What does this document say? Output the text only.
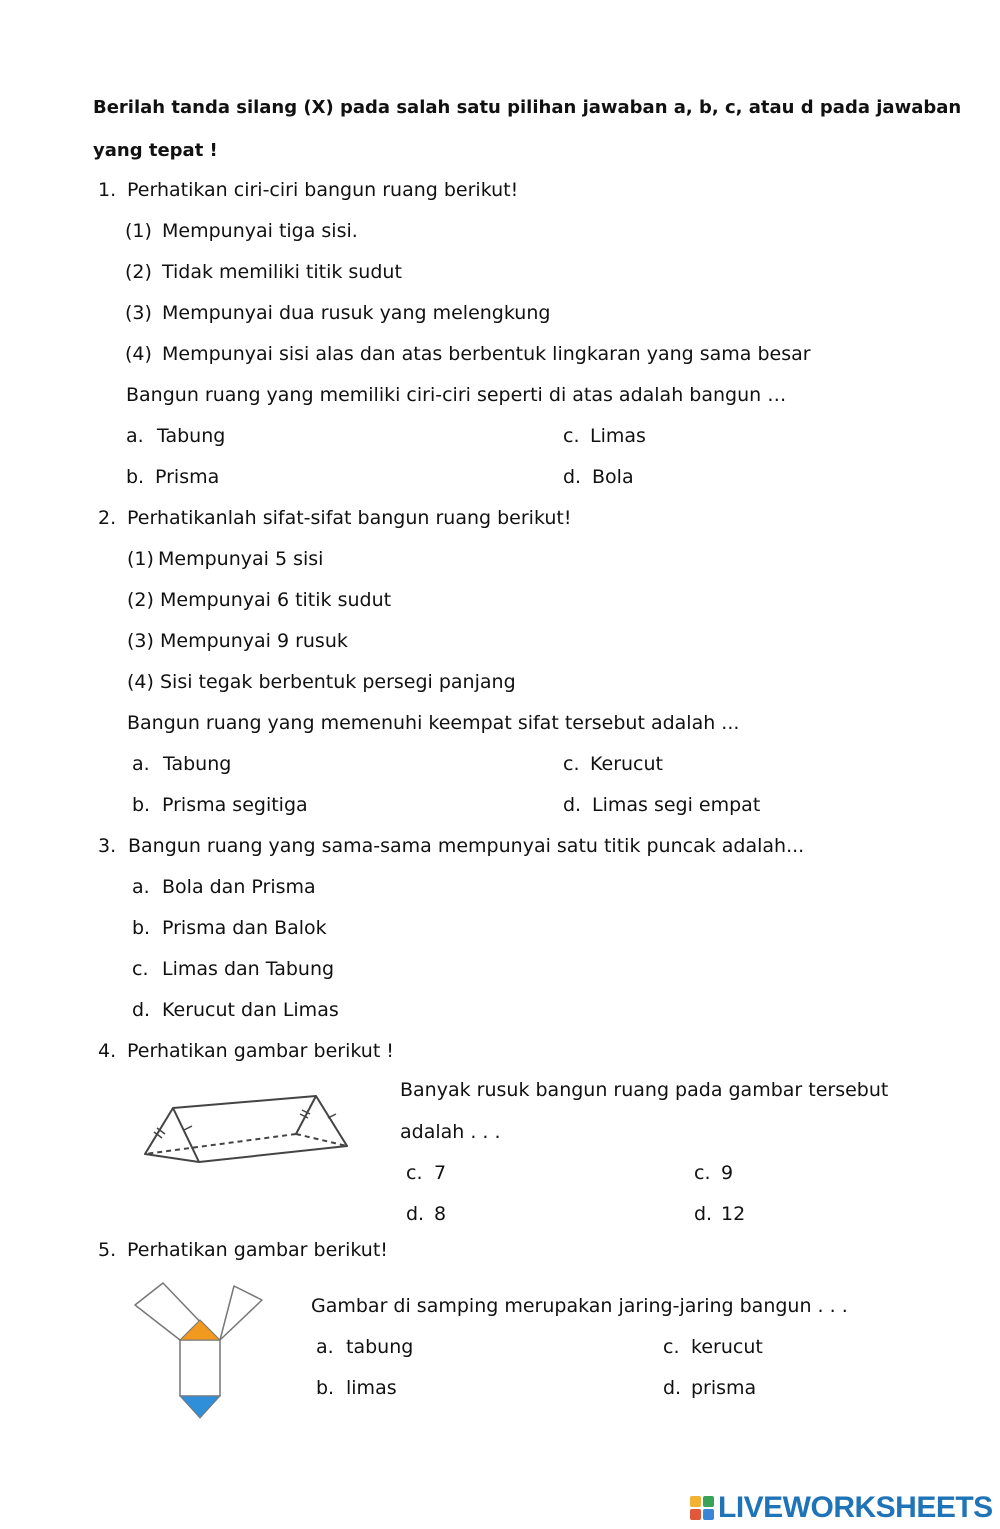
Berilah tanda silang (X) pada salah satu pilihan jawaban a, b, c, atau d pada jawaban
yang tepat !
1. Perhatikan ciri-ciri bangun ruang berikut!
(1) Mempunyai tiga sisi.
(2) Tidak memiliki titik sudut
(3) Mempunyai dua rusuk yang melengkung
(4) Mempunyai sisi alas dan atas berbentuk lingkaran yang sama besar
Bangun ruang yang memiliki ciri-ciri seperti di atas adalah bangun …
a. Tabung
b. Prisma
c. Limas
d. Bola
2. Perhatikanlah sifat-sifat bangun ruang berikut!
(1) Mempunyai 5 sisi
(2) Mempunyai 6 titik sudut
(3) Mempunyai 9 rusuk
(4) Sisi tegak berbentuk persegi panjang
Bangun ruang yang memenuhi keempat sifat tersebut adalah ...
a. Tabung
b. Prisma segitiga
c. Kerucut
d. Limas segi empat
3. Bangun ruang yang sama-sama mempunyai satu titik puncak adalah...
a. Bola dan Prisma
b. Prisma dan Balok
c. Limas dan Tabung
d. Kerucut dan Limas
4. Perhatikan gambar berikut !
Banyak rusuk bangun ruang pada gambar tersebut
adalah . . .
c. 7
d. 8
c. 9
d. 12
5. Perhatikan gambar berikut!
Gambar di samping merupakan jaring-jaring bangun . . .
a. tabung
b. limas
c. kerucut
d. prisma
LIVEWORKSHEETS
